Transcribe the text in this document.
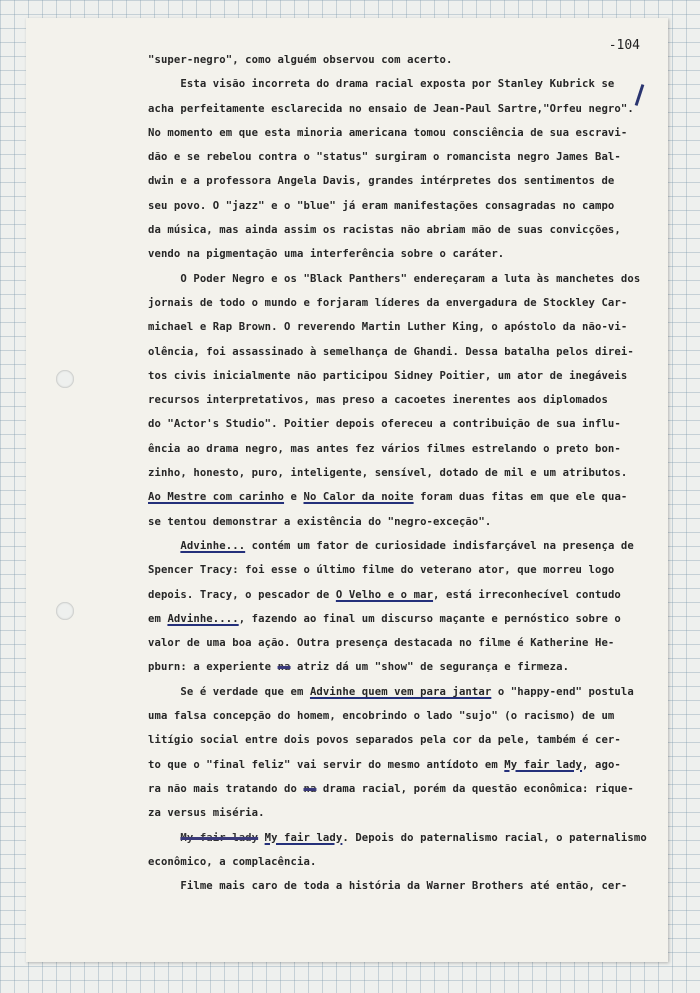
-104
"super-negro", como alguém observou com acerto.
Esta visão incorreta do drama racial exposta por Stanley Kubrick se
acha perfeitamente esclarecida no ensaio de Jean-Paul Sartre,"Orfeu negro".
No momento em que esta minoria americana tomou consciência de sua escravi-
dão e se rebelou contra o "status" surgiram o romancista negro James Bal-
dwin e a professora Angela Davis, grandes intérpretes dos sentimentos de
seu povo. O "jazz" e o "blue" já eram manifestações consagradas no campo
da música, mas ainda assim os racistas não abriam mão de suas convicções,
vendo na pigmentação uma interferência sobre o caráter.
O Poder Negro e os "Black Panthers" endereçaram a luta às manchetes dos
jornais de todo o mundo e forjaram líderes da envergadura de Stockley Car-
michael e Rap Brown. O reverendo Martin Luther King, o apóstolo da não-vi-
olência, foi assassinado à semelhança de Ghandi. Dessa batalha pelos direi-
tos civis inicialmente não participou Sidney Poitier, um ator de inegáveis
recursos interpretativos, mas preso a cacoetes inerentes aos diplomados
do "Actor's Studio". Poitier depois ofereceu a contribuição de sua influ-
ência ao drama negro, mas antes fez vários filmes estrelando o preto bon-
zinho, honesto, puro, inteligente, sensível, dotado de mil e um atributos.
Ao Mestre com carinho e No Calor da noite foram duas fitas em que ele qua-
se tentou demonstrar a existência do "negro-exceção".
Advinhe... contém um fator de curiosidade indisfarçável na presença de
Spencer Tracy: foi esse o último filme do veterano ator, que morreu logo
depois. Tracy, o pescador de O Velho e o mar, está irreconhecível contudo
em Advinhe...., fazendo ao final um discurso maçante e pernóstico sobre o
valor de uma boa ação. Outra presença destacada no filme é Katherine He-
pburn: a experiente na atriz dá um "show" de segurança e firmeza.
Se é verdade que em Advinhe quem vem para jantar o "happy-end" postula
uma falsa concepção do homem, encobrindo o lado "sujo" (o racismo) de um
litígio social entre dois povos separados pela cor da pele, também é cer-
to que o "final feliz" vai servir do mesmo antídoto em My fair lady, ago-
ra não mais tratando do na drama racial, porém da questão econômica: rique-
za versus miséria.
My fair lady My fair lady. Depois do paternalismo racial, o paternalismo
econômico, a complacência.
Filme mais caro de toda a história da Warner Brothers até então, cer-
